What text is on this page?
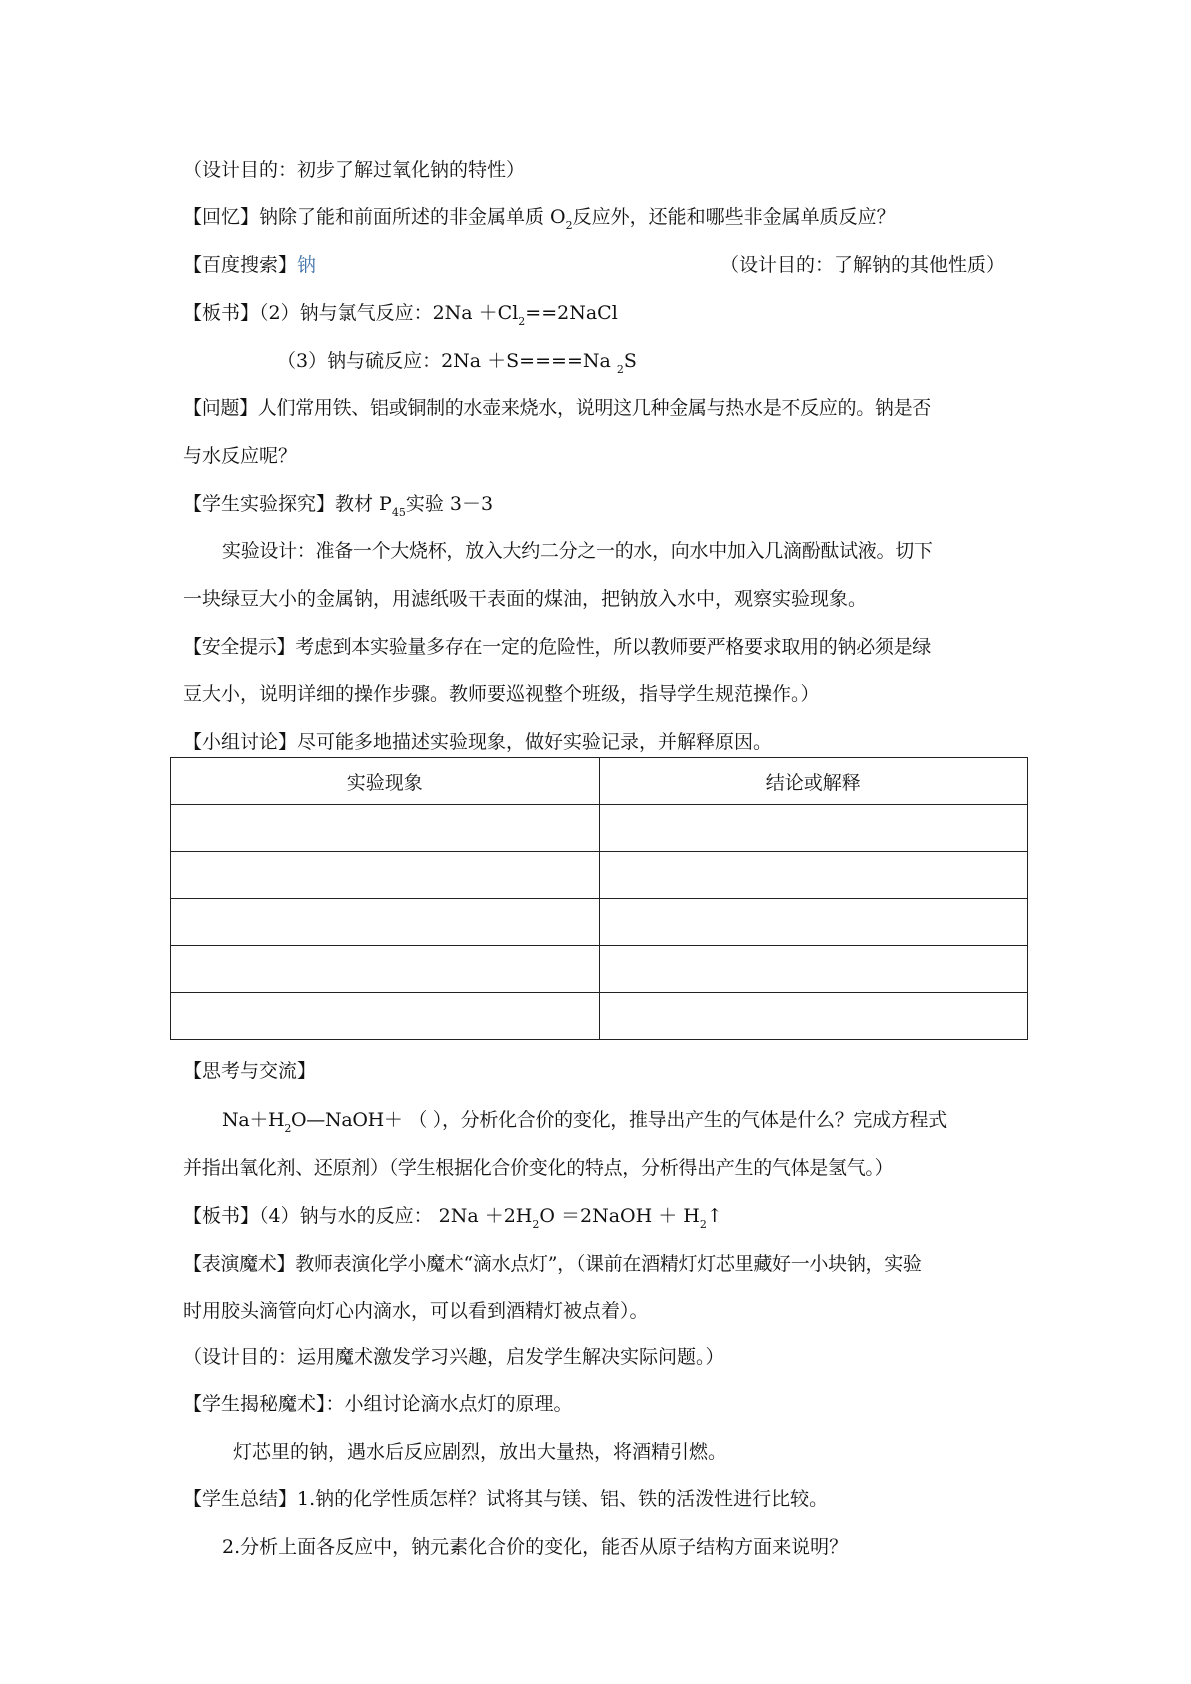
（设计目的：初步了解过氧化钠的特性）
【回忆】钠除了能和前面所述的非金属单质 $O_2$反应外，还能和哪些非金属单质反应？
【百度搜索】钠	（设计目的：了解钠的其他性质）
【板书】（2）钠与氯气反应：$2Na +Cl_2==2NaCl$
（3）钠与硫反应：2Na ＋S====Na $_2$S
【问题】人们常用铁、铝或铜制的水壶来烧水，说明这几种金属与热水是不反应的。钠是否
与水反应呢？
【学生实验探究】教材 $P_{45}$实验 3－3
实验设计：准备一个大烧杯，放入大约二分之一的水，向水中加入几滴酚酞试液。切下
一块绿豆大小的金属钠，用滤纸吸干表面的煤油，把钠放入水中，观察实验现象。
【安全提示】考虑到本实验量多存在一定的危险性，所以教师要严格要求取用的钠必须是绿
豆大小，说明详细的操作步骤。教师要巡视整个班级，指导学生规范操作。）
【小组讨论】尽可能多地描述实验现象，做好实验记录，并解释原因。
实验现象	结论或解释

【思考与交流】
$Na+H_2O—NaOH+$ （ ），分析化合价的变化，推导出产生的气体是什么？完成方程式
并指出氧化剂、还原剂）（学生根据化合价变化的特点，分析得出产生的气体是氢气。）
【板书】（4）钠与水的反应： $2Na +2H_2O$ ＝2NaOH ＋ $H_2↑$
【表演魔术】教师表演化学小魔术“滴水点灯”，（课前在酒精灯灯芯里藏好一小块钠，实验
时用胶头滴管向灯心内滴水，可以看到酒精灯被点着）。
（设计目的：运用魔术激发学习兴趣，启发学生解决实际问题。）
【学生揭秘魔术】：小组讨论滴水点灯的原理。
灯芯里的钠，遇水后反应剧烈，放出大量热，将酒精引燃。
【学生总结】1.钠的化学性质怎样？试将其与镁、铝、铁的活泼性进行比较。
2.分析上面各反应中，钠元素化合价的变化，能否从原子结构方面来说明？
